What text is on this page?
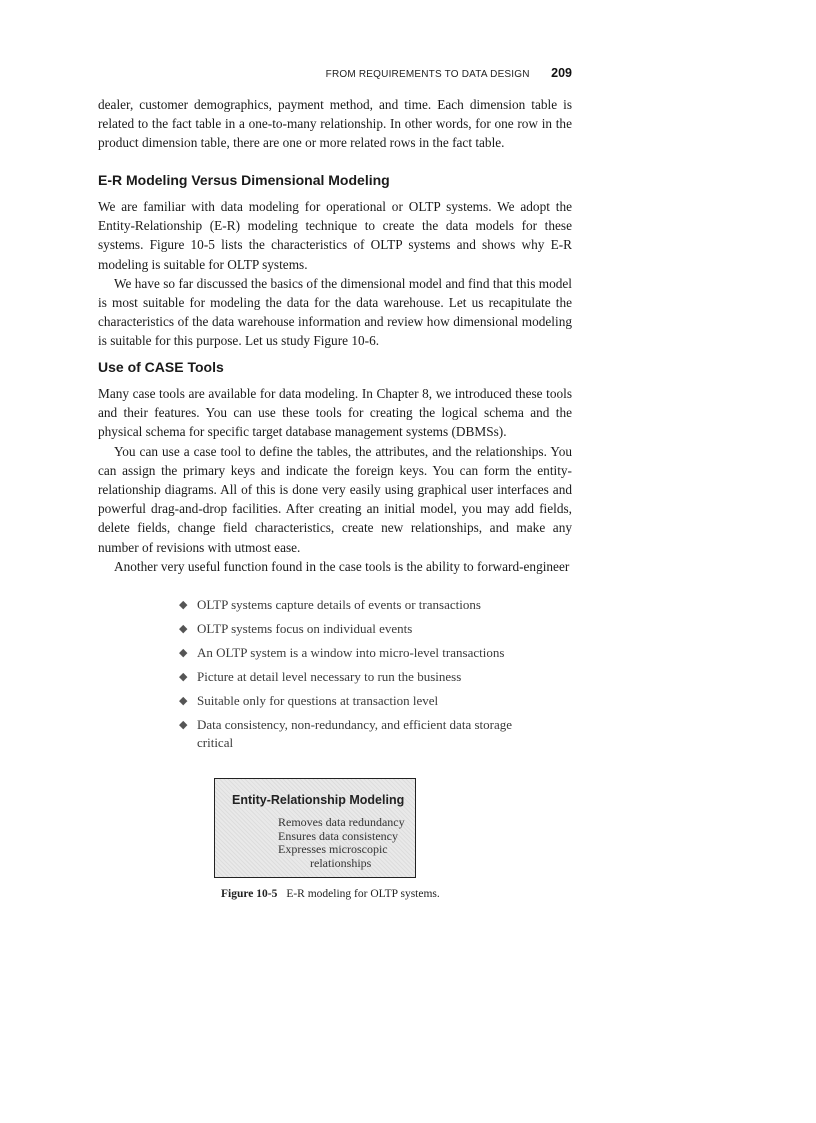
FROM REQUIREMENTS TO DATA DESIGN 209

dealer, customer demographics, payment method, and time. Each dimension table is related to the fact table in a one-to-many relationship. In other words, for one row in the product dimension table, there are one or more related rows in the fact table.

E-R Modeling Versus Dimensional Modeling

We are familiar with data modeling for operational or OLTP systems. We adopt the Entity-Relationship (E-R) modeling technique to create the data models for these systems. Figure 10-5 lists the characteristics of OLTP systems and shows why E-R modeling is suitable for OLTP systems.

We have so far discussed the basics of the dimensional model and find that this model is most suitable for modeling the data for the data warehouse. Let us recapitulate the characteristics of the data warehouse information and review how dimensional modeling is suitable for this purpose. Let us study Figure 10-6.

Use of CASE Tools

Many case tools are available for data modeling. In Chapter 8, we introduced these tools and their features. You can use these tools for creating the logical schema and the physical schema for specific target database management systems (DBMSs).

You can use a case tool to define the tables, the attributes, and the relationships. You can assign the primary keys and indicate the foreign keys. You can form the entity-relationship diagrams. All of this is done very easily using graphical user interfaces and powerful drag-and-drop facilities. After creating an initial model, you may add fields, delete fields, change field characteristics, create new relationships, and make any number of revisions with utmost ease.

Another very useful function found in the case tools is the ability to forward-engineer

◆ OLTP systems capture details of events or transactions
◆ OLTP systems focus on individual events
◆ An OLTP system is a window into micro-level transactions
◆ Picture at detail level necessary to run the business
◆ Suitable only for questions at transaction level
◆ Data consistency, non-redundancy, and efficient data storage critical
Entity-Relationship Modeling
Removes data redundancy
Ensures data consistency
Expresses microscopic
relationships
Figure 10-5 E-R modeling for OLTP systems.
